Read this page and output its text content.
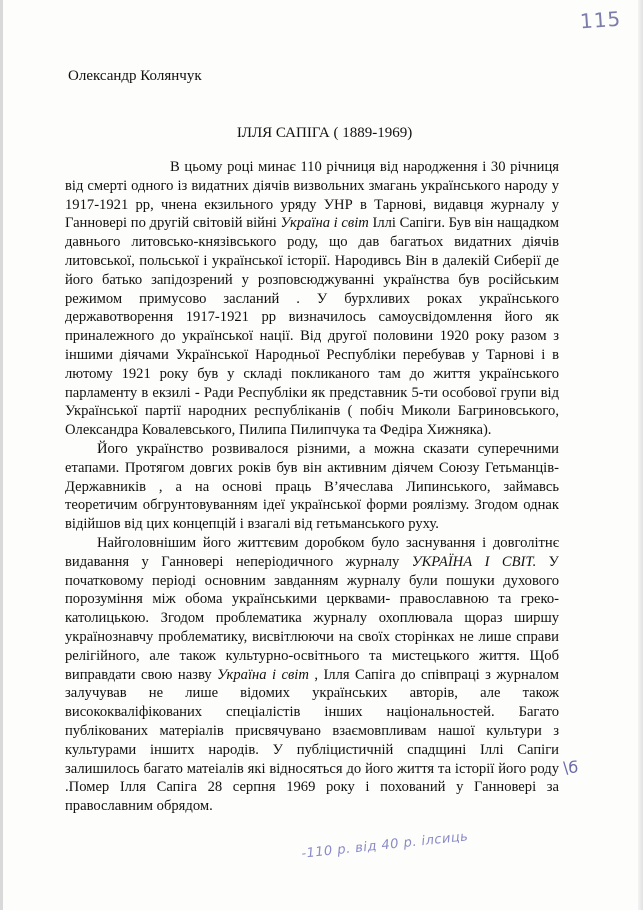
115
Олександр Колянчук
ІЛЛЯ САПІГА ( 1889-1969)

В цьому році минає 110 річниця від народження і 30 річниця від смерті одного із видатних діячів визвольних змагань українського народу у 1917-1921 рр, чнена екзильного уряду УНР в Тарнові, видавця журналу у Ганновері по другій світовій війні Україна і світ Іллі Сапіги. Був він нащадком давнього литовсько-князівського роду, що дав багатьох видатних діячів литовської, польської і української історії. Народивсь Він в далекій Сиберії де його батько запідозрений у розповсюджуванні українства був російським режимом примусово засланий . У бурхливих роках українського державотворення 1917-1921 рр визначилось самоусвідомлення його як приналежного до української нації. Від другої половини 1920 року разом з іншими діячами Української Народньої Республіки перебував у Тарнові і в лютому 1921 року був у складі покликаного там до життя українського парламенту в екзилі - Ради Республіки як представник 5-ти особової групи від Української партії народних республіканів ( побіч Миколи Багриновського, Олександра Ковалевського, Пилипа Пилипчука та Федіра Хижняка).

Його українство розвивалося різними, а можна сказати суперечними етапами. Протягом довгих років був він активним діячем Союзу Гетьманців-Державників , а на основі праць В’ячеслава Липинського, займавсь теоретичим обгрунтовуванням ідеї української форми роялізму. Згодом однак відійшов від цих концепцій і взагалі від гетьманського руху.

Найголовнішим його життєвим доробком було заснування і довголітнє видавання у Ганновері неперіодичного журналу УКРАЇНА І СВІТ. У початковому періоді основним завданням журналу були пошуки духового порозуміння між обома українськими церквами- православною та греко-католицькою. Згодом проблематика журналу охоплювала щораз ширшу українознавчу проблематику, висвітлюючи на своїх сторінках не лише справи релігійного, але також культурно-освітнього та мистецького життя. Щоб виправдати свою назву Україна і світ , Ілля Сапіга до співпраці з журналом залучував не лише відомих українських авторів, але також висококваліфікованих спеціалістів інших національностей. Багато публікованих матеріалів присвячувано взаємовпливам нашої культури з культурами іншитх народів. У публіцистичній спадщині Іллі Сапіги залишилось багато матеіалів які відносяться до його життя та історії його роду .Помер Ілля Сапіга 28 серпня 1969 року і похований у Ганновері за православним обрядом.

\б
-110 р. від 40 р. ілсиць
